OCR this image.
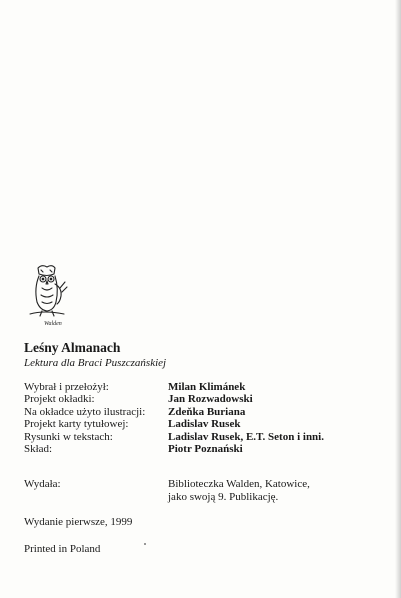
Walden
Leśny Almanach
Lektura dla Braci Puszczańskiej
Wybrał i przełożył:	Milan Klimánek
Projekt okładki:	Jan Rozwadowski
Na okładce użyto ilustracji:	Zdeňka Buriana
Projekt karty tytułowej:	Ladislav Rusek
Rysunki w tekstach:	Ladislav Rusek, E.T. Seton i inni.
Skład:	Piotr Poznański
Wydała:	Biblioteczka Walden, Katowice,
jako swoją 9. Publikację.
Wydanie pierwsze, 1999
Printed in Poland
